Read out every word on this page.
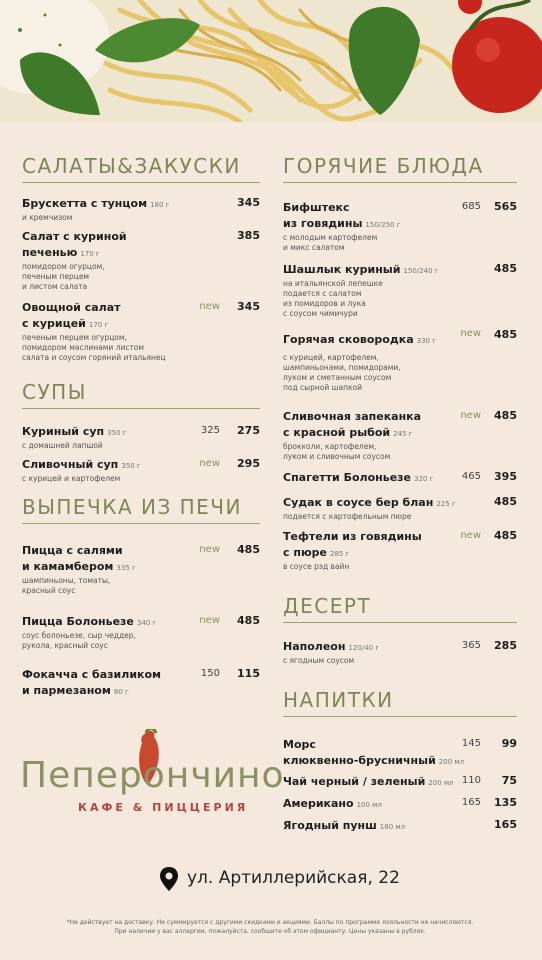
САЛАТЫ&ЗАКУСКИ
Брускетта с тунцом 180 г
и кремчизом
345
Салат с куриной
печенью 170 г
помидором огурцом,
печеным перцем
и листом салата
385
Овощной салат
с курицей 170 г
печеным перцем огурцом,
помидором маслинами листом
салата и соусом горяний итальянец
new 345
СУПЫ
Куриный суп 350 г
с домашней лапшой
325 275
Сливочный суп 350 г
с курицей и картофелем
new 295
ВЫПЕЧКА ИЗ ПЕЧИ
Пицца с салями
и камамбером 335 г
шампиньоны, томаты,
красный соус
new 485
Пицца Болоньезе 340 г
соус болоньезе, сыр чеддер,
рукола, красный соус
new 485
Фокачча с базиликом
и пармезаном 80 г
150 115
ГОРЯЧИЕ БЛЮДА
Бифштекс
из говядины 150/250 г
с молодым картофелем
и микс салатом
685 565
Шашлык куриный 150/240 г
на итальянской лепешке
подается с салатом
из помидоров и лука
с соусом чимичури
485
Горячая сковородка 330 г
с курицей, картофелем,
шампиньонами, помидорами,
луком и сметанным соусом
под сырной шапкой
new 485
Сливочная запеканка
с красной рыбой 245 г
брокколи, картофелем,
луком и сливочным соусом
new 485
Спагетти Болоньезе 320 г	465 395
Судак в соусе бер блан 225 г
подается с картофельным пюре
485
Тефтели из говядины
с пюре 285 г
в соусе рэд вайн
new 485
ДЕСЕРТ
Наполеон 120/40 г
с ягодным соусом
365 285
НАПИТКИ
Морс
клюквенно-брусничный 200 мл
145 99
Чай черный / зеленый 200 мл 110 75
Американо 100 мл	165 135
Ягодный пунш 180 мл	165
Пеперончино
КАФЕ & ПИЦЦЕРИЯ
ул. Артиллерийская, 22
*Не действует на доставку. Не суммируется с другими скидками и акциями. Баллы по программе лояльности не начисляются.
При наличии у вас аллергии, пожалуйста, сообщите об этом официанту. Цены указаны в рублях.
